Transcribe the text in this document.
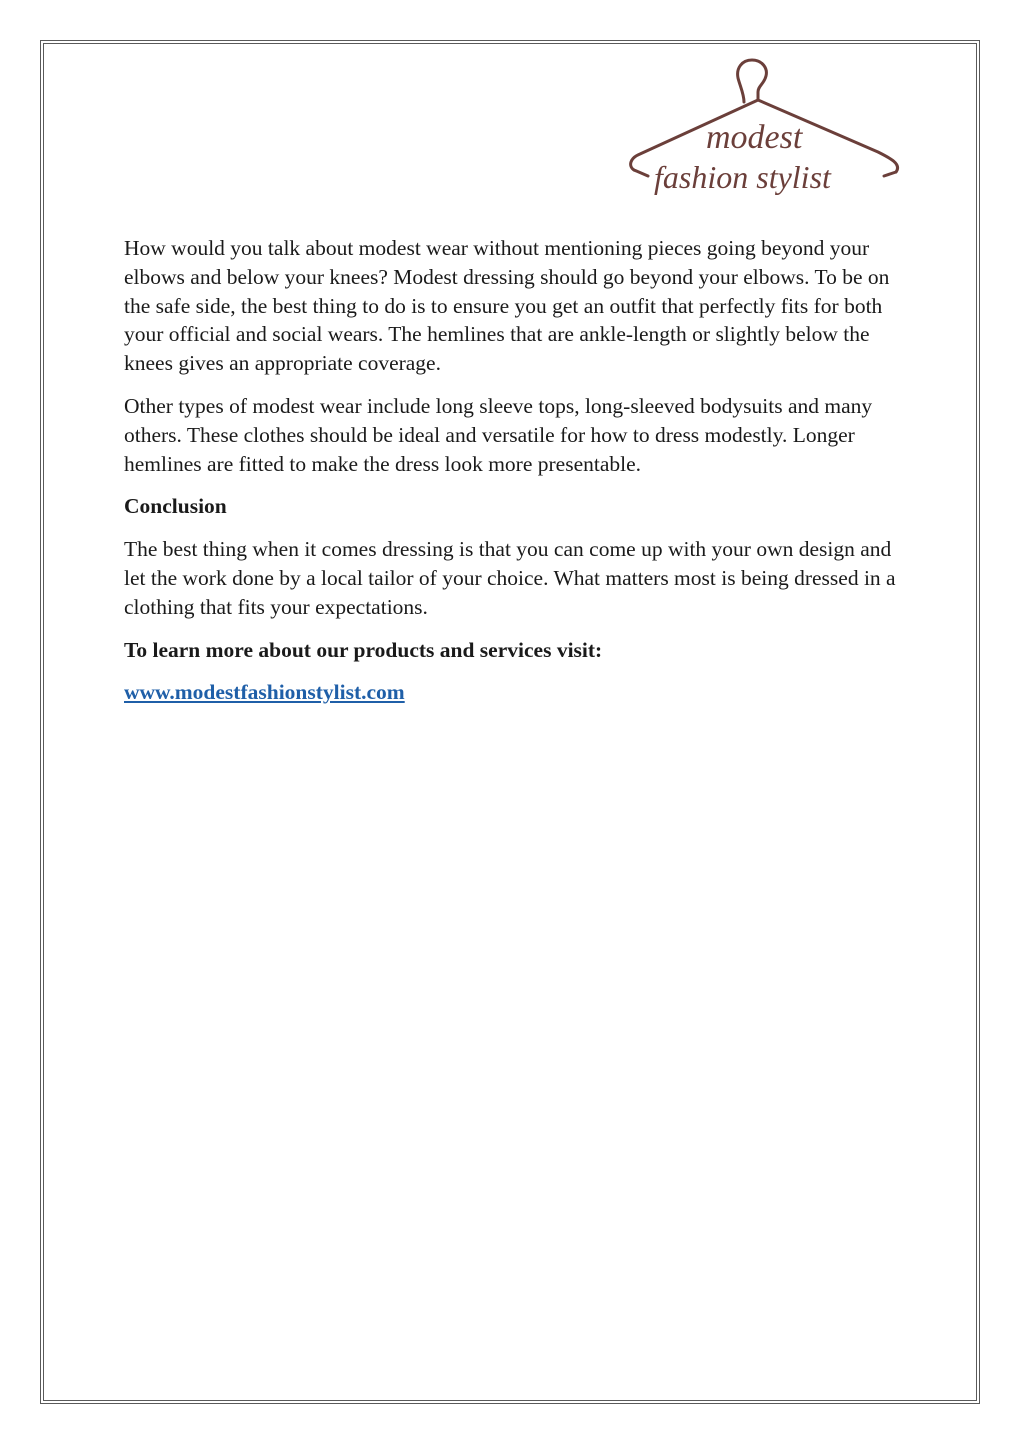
modest
fashion stylist

How would you talk about modest wear without mentioning pieces going beyond your elbows and below your knees? Modest dressing should go beyond your elbows. To be on the safe side, the best thing to do is to ensure you get an outfit that perfectly fits for both your official and social wears. The hemlines that are ankle-length or slightly below the knees gives an appropriate coverage.

Other types of modest wear include long sleeve tops, long-sleeved bodysuits and many others. These clothes should be ideal and versatile for how to dress modestly. Longer hemlines are fitted to make the dress look more presentable.

Conclusion

The best thing when it comes dressing is that you can come up with your own design and let the work done by a local tailor of your choice. What matters most is being dressed in a clothing that fits your expectations.

To learn more about our products and services visit:

www.modestfashionstylist.com
